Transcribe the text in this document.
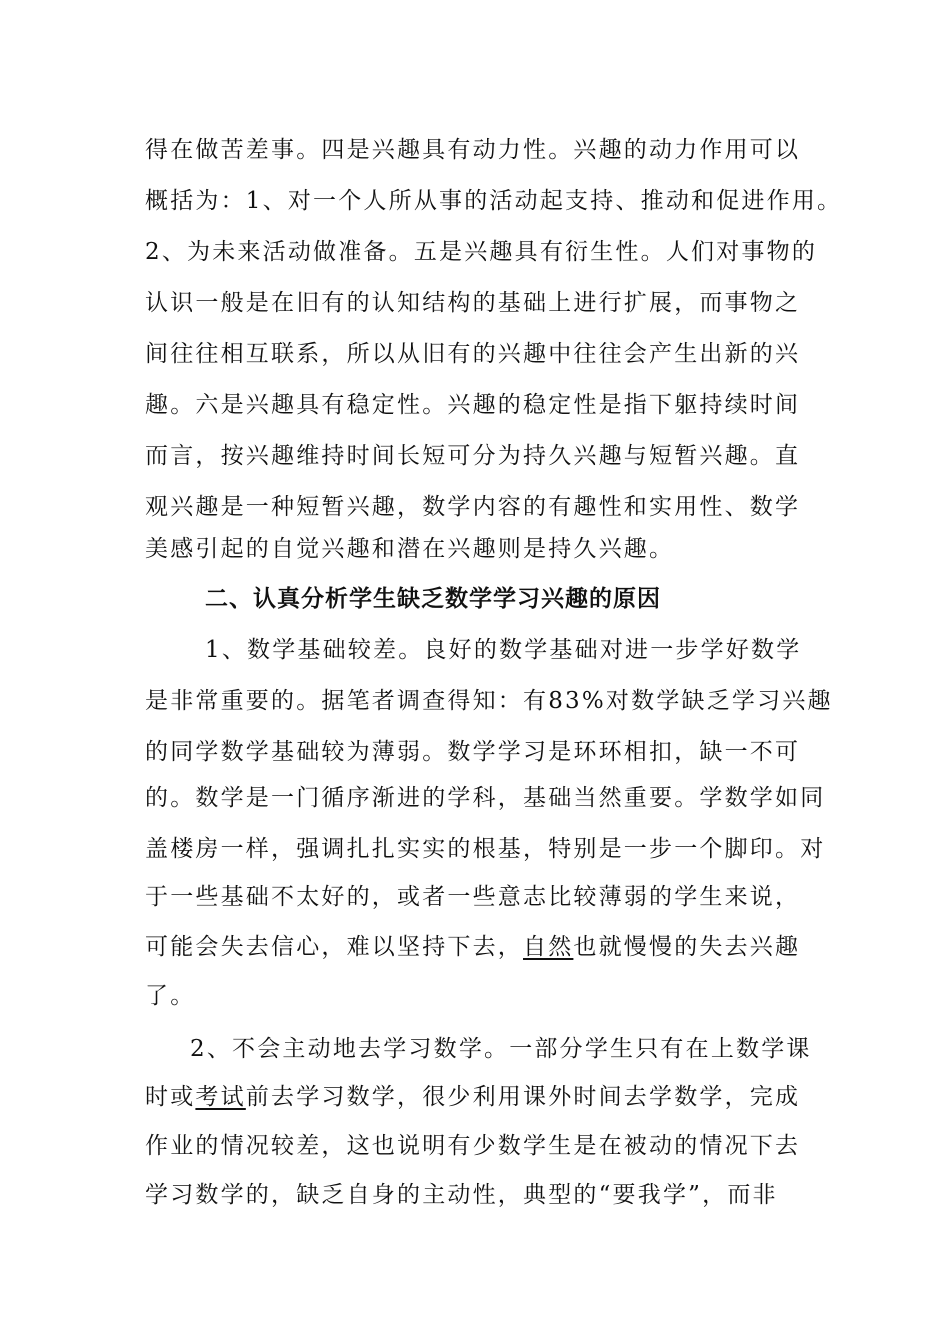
得在做苦差事。四是兴趣具有动力性。兴趣的动力作用可以
概括为：1、对一个人所从事的活动起支持、推动和促进作用。
2、为未来活动做准备。五是兴趣具有衍生性。人们对事物的
认识一般是在旧有的认知结构的基础上进行扩展，而事物之
间往往相互联系，所以从旧有的兴趣中往往会产生出新的兴
趣。六是兴趣具有稳定性。兴趣的稳定性是指下躯持续时间
而言，按兴趣维持时间长短可分为持久兴趣与短暂兴趣。直
观兴趣是一种短暂兴趣，数学内容的有趣性和实用性、数学
美感引起的自觉兴趣和潜在兴趣则是持久兴趣。
二、认真分析学生缺乏数学学习兴趣的原因
1、数学基础较差。良好的数学基础对进一步学好数学
是非常重要的。据笔者调查得知：有83%对数学缺乏学习兴趣
的同学数学基础较为薄弱。数学学习是环环相扣，缺一不可
的。数学是一门循序渐进的学科，基础当然重要。学数学如同
盖楼房一样，强调扎扎实实的根基，特别是一步一个脚印。对
于一些基础不太好的，或者一些意志比较薄弱的学生来说，
可能会失去信心，难以坚持下去，自然也就慢慢的失去兴趣
了。
2、不会主动地去学习数学。一部分学生只有在上数学课
时或考试前去学习数学，很少利用课外时间去学数学，完成
作业的情况较差，这也说明有少数学生是在被动的情况下去
学习数学的，缺乏自身的主动性，典型的“要我学”，而非
